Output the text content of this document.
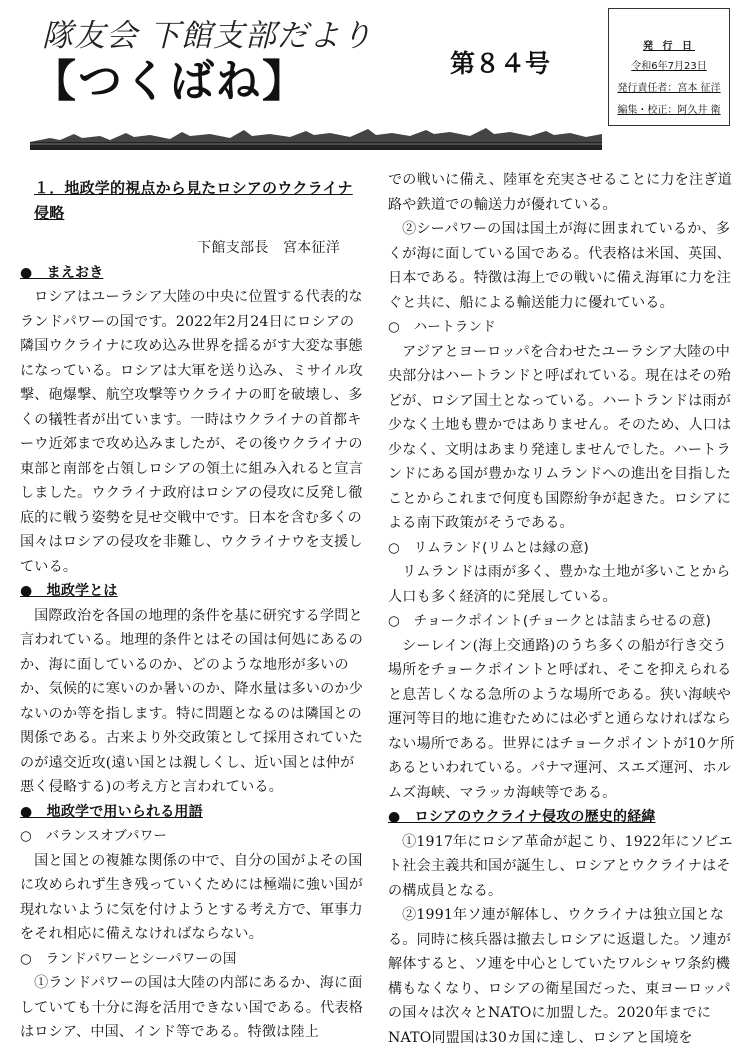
隊友会 下館支部だより
【つくばね】	第８４号
発 行 日
令和6年7月23日
発行責任者：宮本 征洋
編集・校正：阿久井 衛

１．地政学的視点から見たロシアのウクライナ侵略

下館支部長　宮本征洋

●　まえおき

ロシアはユーラシア大陸の中央に位置する代表的なランドパワーの国です。2022年2月24日にロシアの隣国ウクライナに攻め込み世界を揺るがす大変な事態になっている。ロシアは大軍を送り込み、ミサイル攻撃、砲爆撃、航空攻撃等ウクライナの町を破壊し、多くの犠牲者が出ています。一時はウクライナの首都キーウ近郊まで攻め込みましたが、その後ウクライナの東部と南部を占領しロシアの領土に組み入れると宣言しました。ウクライナ政府はロシアの侵攻に反発し徹底的に戦う姿勢を見せ交戦中です。日本を含む多くの国々はロシアの侵攻を非難し、ウクライナウを支援している。

●　地政学とは

国際政治を各国の地理的条件を基に研究する学問と言われている。地理的条件とはその国は何処にあるのか、海に面しているのか、どのような地形が多いのか、気候的に寒いのか暑いのか、降水量は多いのか少ないのか等を指します。特に問題となるのは隣国との関係である。古来より外交政策として採用されていたのが遠交近攻(遠い国とは親しくし、近い国とは仲が悪く侵略する)の考え方と言われている。

●　地政学で用いられる用語

○　バランスオブパワー

国と国との複雑な関係の中で、自分の国がよその国に攻められず生き残っていくためには極端に強い国が現れないように気を付けようとする考え方で、軍事力をそれ相応に備えなければならない。

○　ランドパワーとシーパワーの国

①ランドパワーの国は大陸の内部にあるか、海に面していても十分に海を活用できない国である。代表格はロシア、中国、インド等である。特徴は陸上

での戦いに備え、陸軍を充実させることに力を注ぎ道路や鉄道での輸送力が優れている。

②シーパワーの国は国土が海に囲まれているか、多くが海に面している国である。代表格は米国、英国、日本である。特徴は海上での戦いに備え海軍に力を注ぐと共に、船による輸送能力に優れている。

○　ハートランド

アジアとヨーロッパを合わせたユーラシア大陸の中央部分はハートランドと呼ばれている。現在はその殆どが、ロシア国土となっている。ハートランドは雨が少なく土地も豊かではありません。そのため、人口は少なく、文明はあまり発達しませんでした。ハートランドにある国が豊かなリムランドへの進出を目指したことからこれまで何度も国際紛争が起きた。ロシアによる南下政策がそうである。

○　リムランド(リムとは縁の意)

リムランドは雨が多く、豊かな土地が多いことから人口も多く経済的に発展している。

○　チョークポイント(チョークとは詰まらせるの意)

シーレイン(海上交通路)のうち多くの船が行き交う場所をチョークポイントと呼ばれ、そこを抑えられると息苦しくなる急所のような場所である。狭い海峡や運河等目的地に進むためには必ずと通らなければならない場所である。世界にはチョークポイントが10ケ所あるといわれている。パナマ運河、スエズ運河、ホルムズ海峡、マラッカ海峡等である。

●　ロシアのウクライナ侵攻の歴史的経緯

①1917年にロシア革命が起こり、1922年にソビエト社会主義共和国が誕生し、ロシアとウクライナはその構成員となる。

②1991年ソ連が解体し、ウクライナは独立国となる。同時に核兵器は撤去しロシアに返還した。ソ連が解体すると、ソ連を中心としていたワルシャワ条約機構もなくなり、ロシアの衛星国だった、東ヨーロッパの国々は次々とNATOに加盟した。2020年までにNATO同盟国は30カ国に達し、ロシアと国境を
